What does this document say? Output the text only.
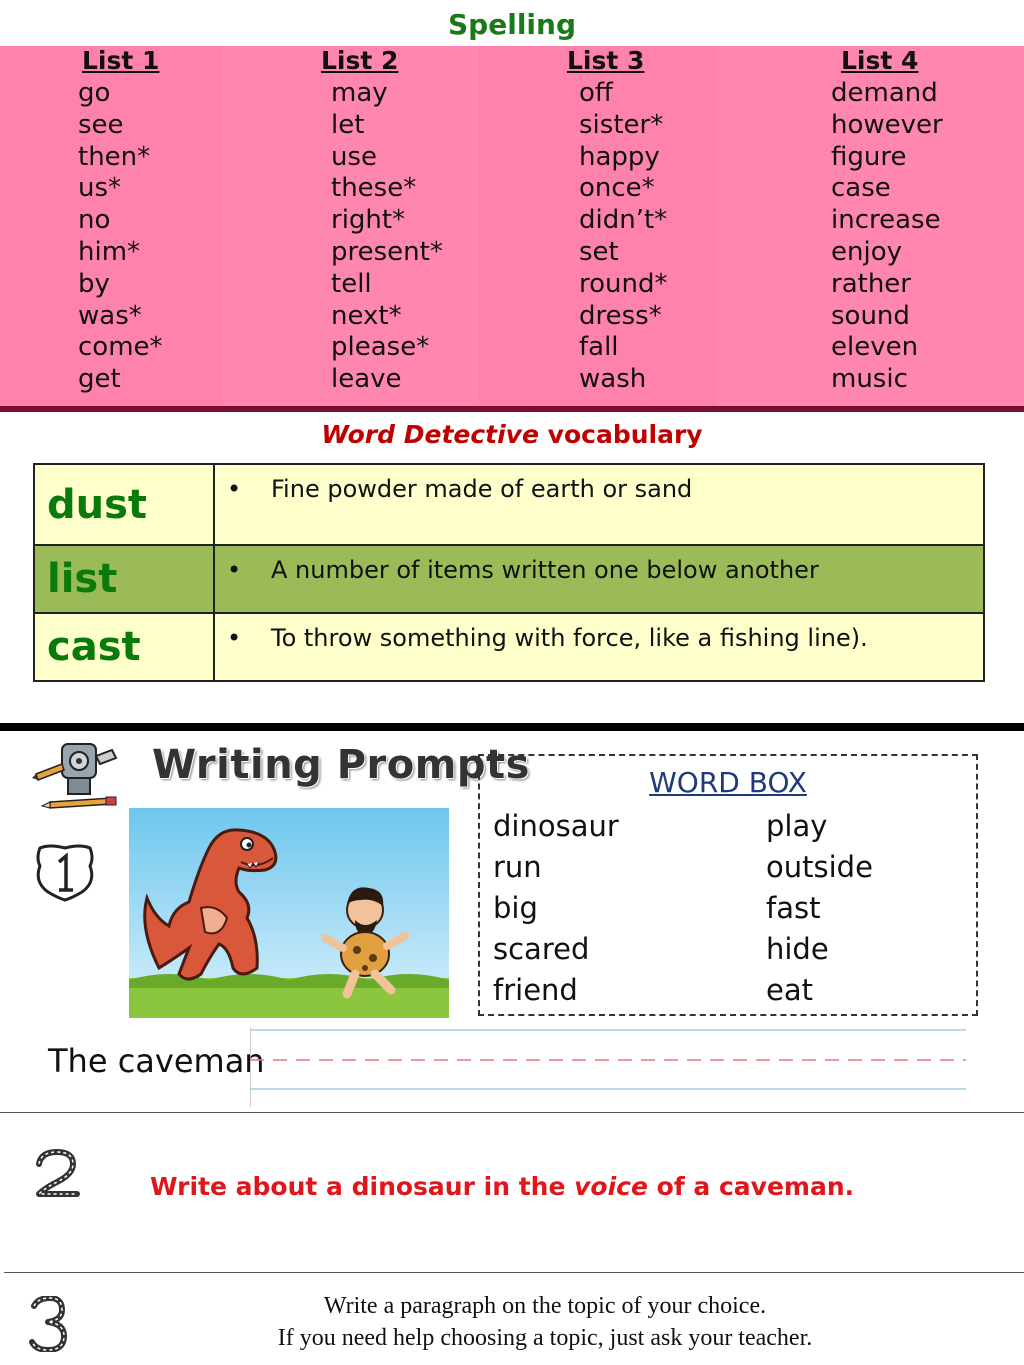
Spelling
List 1
go
see
then*
us*
no
him*
by
was*
come*
get
List 2
may
let
use
these*
right*
present*
tell
next*
please*
leave
List 3
off
sister*
happy
once*
didn’t*
set
round*
dress*
fall
wash
List 4
demand
however
figure
case
increase
enjoy
rather
sound
eleven
music
Word Detective vocabulary
dust	• Fine powder made of earth or sand
list	• A number of items written one below another
cast	• To throw something with force, like a fishing line).
Writing Prompts	WORD BOX
dinosaur
run
big
scared
friend
play
outside
fast
hide
eat
The caveman
Write about a dinosaur in the voice of a caveman.
Write a paragraph on the topic of your choice.
If you need help choosing a topic, just ask your teacher.
